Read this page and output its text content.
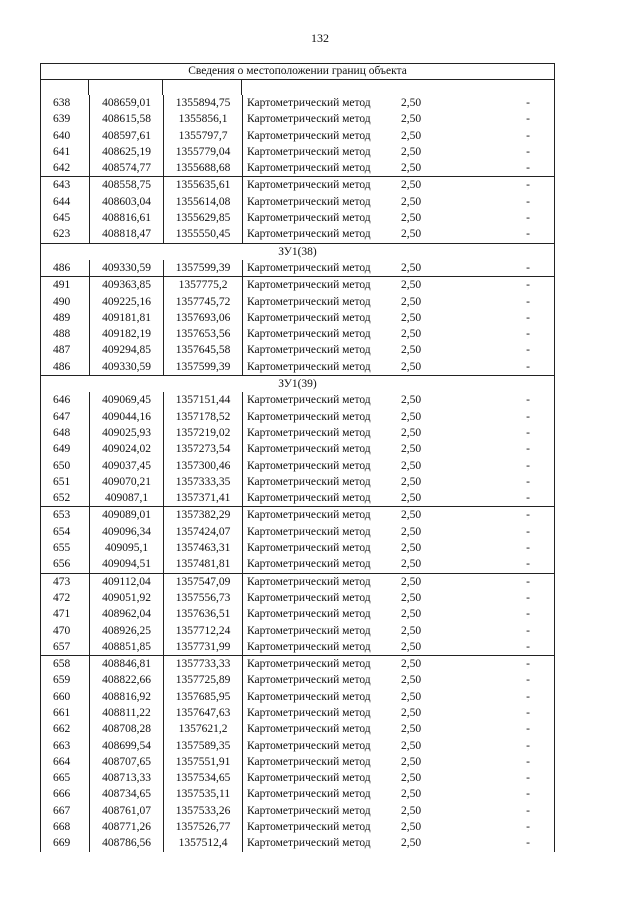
132
Сведения о местоположении границ объекта
638	408659,01	1355894,75	Картометрический метод	2,50	-
639	408615,58	1355856,1	Картометрический метод	2,50	-
640	408597,61	1355797,7	Картометрический метод	2,50	-
641	408625,19	1355779,04	Картометрический метод	2,50	-
642	408574,77	1355688,68	Картометрический метод	2,50	-
643	408558,75	1355635,61	Картометрический метод	2,50	-
644	408603,04	1355614,08	Картометрический метод	2,50	-
645	408816,61	1355629,85	Картометрический метод	2,50	-
623	408818,47	1355550,45	Картометрический метод	2,50	-
ЗУ1(38)
486	409330,59	1357599,39	Картометрический метод	2,50	-
491	409363,85	1357775,2	Картометрический метод	2,50	-
490	409225,16	1357745,72	Картометрический метод	2,50	-
489	409181,81	1357693,06	Картометрический метод	2,50	-
488	409182,19	1357653,56	Картометрический метод	2,50	-
487	409294,85	1357645,58	Картометрический метод	2,50	-
486	409330,59	1357599,39	Картометрический метод	2,50	-
ЗУ1(39)
646	409069,45	1357151,44	Картометрический метод	2,50	-
647	409044,16	1357178,52	Картометрический метод	2,50	-
648	409025,93	1357219,02	Картометрический метод	2,50	-
649	409024,02	1357273,54	Картометрический метод	2,50	-
650	409037,45	1357300,46	Картометрический метод	2,50	-
651	409070,21	1357333,35	Картометрический метод	2,50	-
652	409087,1	1357371,41	Картометрический метод	2,50	-
653	409089,01	1357382,29	Картометрический метод	2,50	-
654	409096,34	1357424,07	Картометрический метод	2,50	-
655	409095,1	1357463,31	Картометрический метод	2,50	-
656	409094,51	1357481,81	Картометрический метод	2,50	-
473	409112,04	1357547,09	Картометрический метод	2,50	-
472	409051,92	1357556,73	Картометрический метод	2,50	-
471	408962,04	1357636,51	Картометрический метод	2,50	-
470	408926,25	1357712,24	Картометрический метод	2,50	-
657	408851,85	1357731,99	Картометрический метод	2,50	-
658	408846,81	1357733,33	Картометрический метод	2,50	-
659	408822,66	1357725,89	Картометрический метод	2,50	-
660	408816,92	1357685,95	Картометрический метод	2,50	-
661	408811,22	1357647,63	Картометрический метод	2,50	-
662	408708,28	1357621,2	Картометрический метод	2,50	-
663	408699,54	1357589,35	Картометрический метод	2,50	-
664	408707,65	1357551,91	Картометрический метод	2,50	-
665	408713,33	1357534,65	Картометрический метод	2,50	-
666	408734,65	1357535,11	Картометрический метод	2,50	-
667	408761,07	1357533,26	Картометрический метод	2,50	-
668	408771,26	1357526,77	Картометрический метод	2,50	-
669	408786,56	1357512,4	Картометрический метод	2,50	-
